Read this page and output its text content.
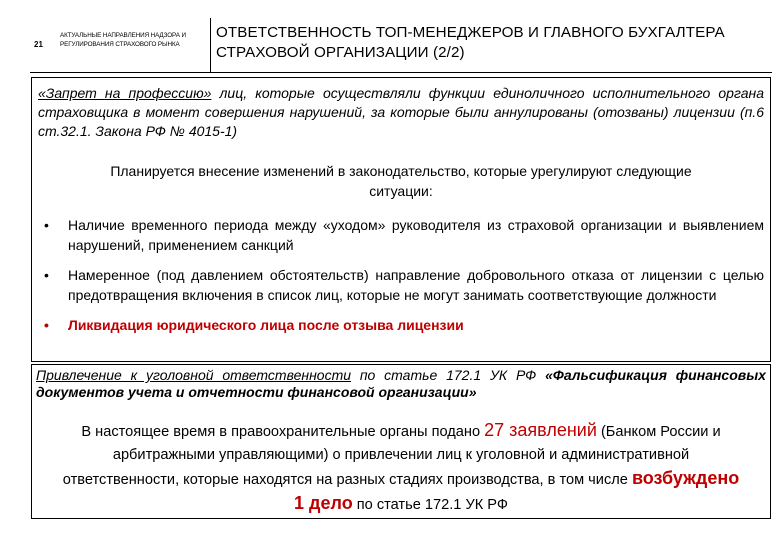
21
АКТУАЛЬНЫЕ НАПРАВЛЕНИЯ НАДЗОРА И РЕГУЛИРОВАНИЯ СТРАХОВОГО РЫНКА
ОТВЕТСТВЕННОСТЬ ТОП-МЕНЕДЖЕРОВ И ГЛАВНОГО БУХГАЛТЕРА СТРАХОВОЙ ОРГАНИЗАЦИИ (2/2)
«Запрет на профессию» лиц, которые осуществляли функции единоличного исполнительного органа страховщика в момент совершения нарушений, за которые были аннулированы (отозваны) лицензии (п.6 ст.32.1. Закона РФ № 4015-1)
Планируется внесение изменений в законодательство, которые урегулируют следующие ситуации:
• Наличие временного периода между «уходом» руководителя из страховой организации и выявлением нарушений, применением санкций
• Намеренное (под давлением обстоятельств) направление добровольного отказа от лицензии с целью предотвращения включения в список лиц, которые не могут занимать соответствующие должности
• Ликвидация юридического лица после отзыва лицензии
Привлечение к уголовной ответственности по статье 172.1 УК РФ «Фальсификация финансовых документов учета и отчетности финансовой организации»
В настоящее время в правоохранительные органы подано 27 заявлений (Банком России и арбитражными управляющими) о привлечении лиц к уголовной и административной ответственности, которые находятся на разных стадиях производства, в том числе возбуждено 1 дело по статье 172.1 УК РФ
